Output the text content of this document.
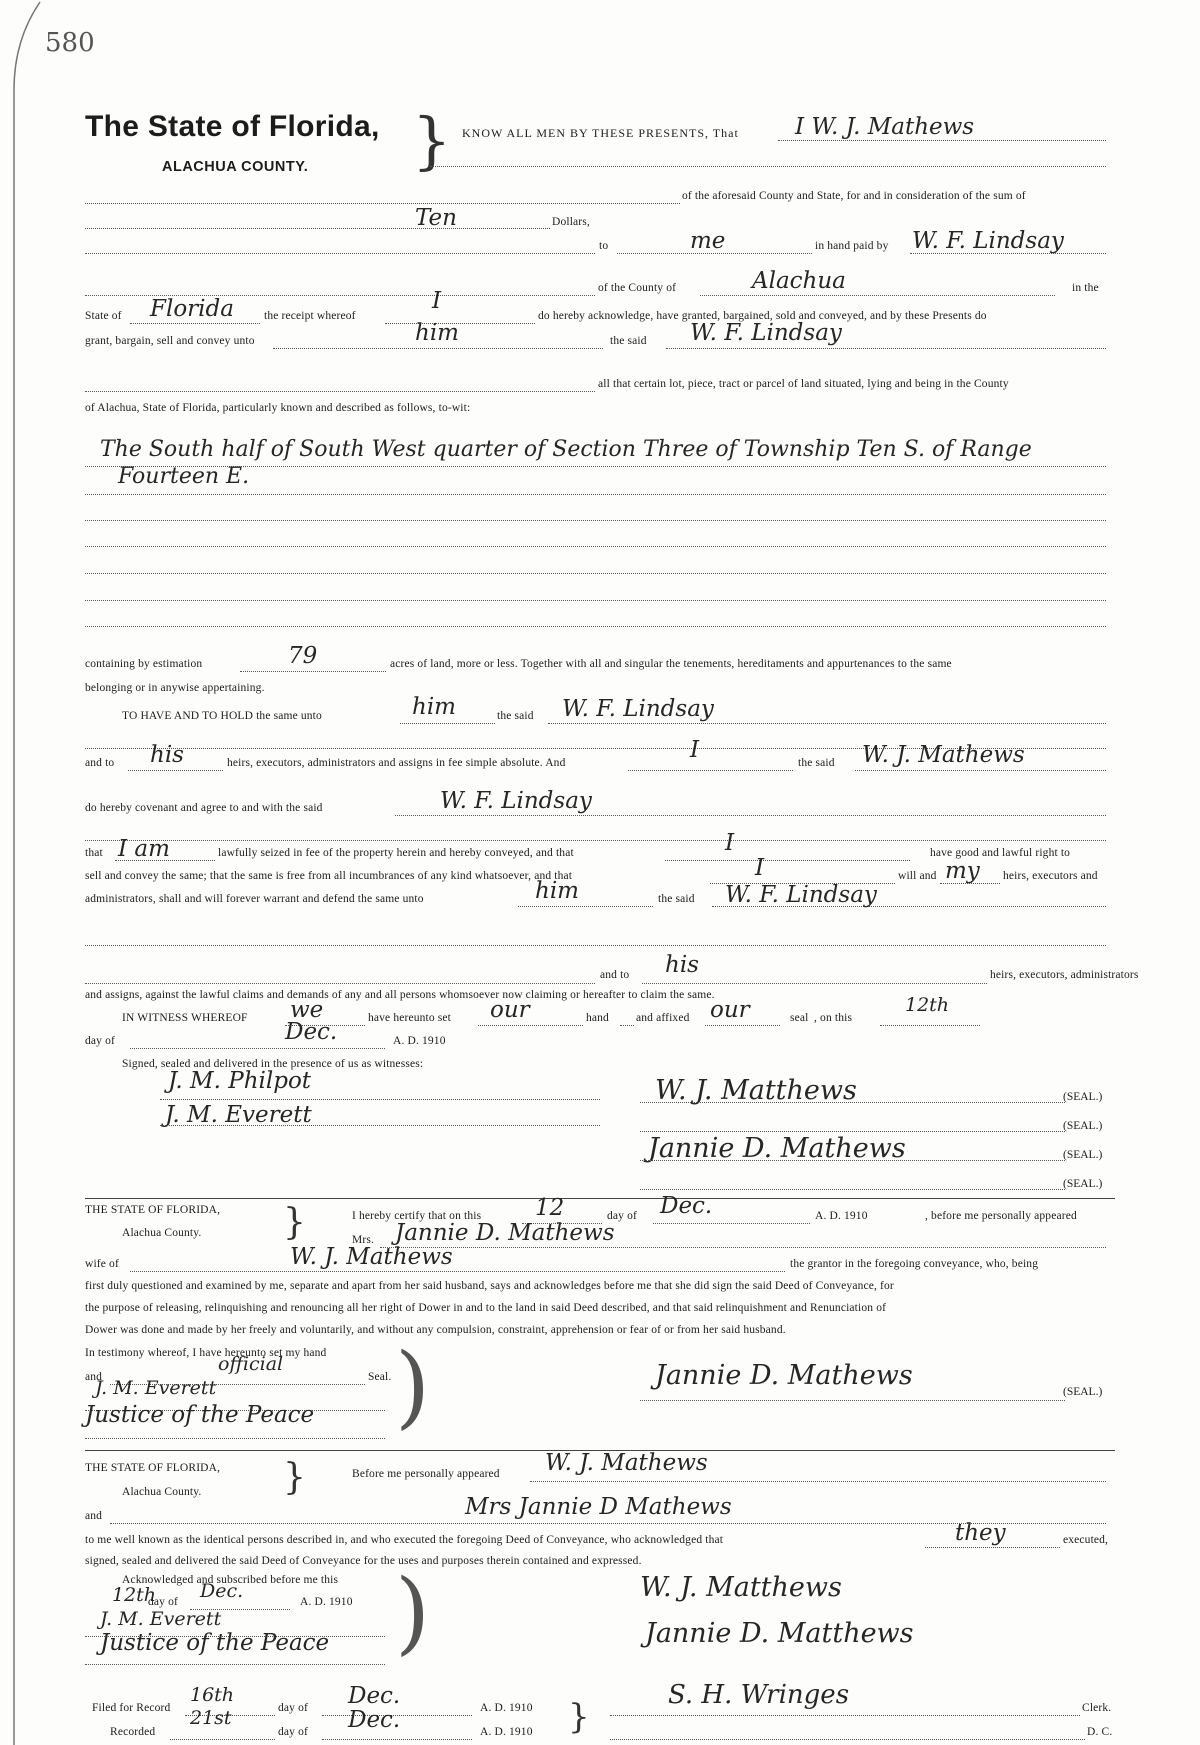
580
The State of Florida, }
ALACHUA COUNTY.
KNOW ALL MEN BY THESE PRESENTS, That I W. J. Mathews
of the aforesaid County and State, for and in consideration of the sum of
Ten	Dollars,
to	me	in hand paid by W. F. Lindsay
of the County of	Alachua	in the
State of Florida	the receipt whereof
I
do hereby acknowledge, have granted, bargained, sold and conveyed, and by these Presents do
grant, bargain, sell and convey unto	him	the said W. F. Lindsay
all that certain lot, piece, tract or parcel of land situated, lying and being in the County
of Alachua, State of Florida, particularly known and described as follows, to-wit:
The South half of South West quarter of Section Three of Township Ten S. of Range
Fourteen E.
containing by estimation	79	acres of land, more or less. Together with all and singular the tenements, hereditaments and appurtenances to the same
belonging or in anywise appertaining.
TO HAVE AND TO HOLD the same unto	him	the said W. F. Lindsay
and to his	heirs, executors, administrators and assigns in fee simple absolute. And	I	the said W. J. Mathews
do hereby covenant and agree to and with the said	W. F. Lindsay
that I am	lawfully seized in fee of the property herein and hereby conveyed, and that	I	have good and lawful right to
sell and convey the same; that the same is free from all incumbrances of any kind whatsoever, and that	I	will and my heirs, executors and
administrators, shall and will forever warrant and defend the same unto	him	the said W. F. Lindsay
and to his	heirs, executors, administrators
and assigns, against the lawful claims and demands of any and all persons whomsoever now claiming or hereafter to claim the same.
IN WITNESS WHEREOF we	have hereunto set our	hand and affixed our	seal , on this
12th
day of	Dec.	A. D. 1910
Signed, sealed and delivered in the presence of us as witnesses:
J. M. Philpot
J. M. Everett
W. J. Matthews	(SEAL.)
(SEAL.)
Jannie D. Mathews	(SEAL.)
(SEAL.)
THE STATE OF FLORIDA,
Alachua County. }	I hereby certify that on this 12	day of Dec.	A. D. 1910	, before me personally appeared
Mrs. Jannie D. Mathews
wife of	W. J. Mathews	the grantor in the foregoing conveyance, who, being
first duly questioned and examined by me, separate and apart from her said husband, says and acknowledges before me that she did sign the said Deed of Conveyance, for
the purpose of releasing, relinquishing and renouncing all her right of Dower in and to the land in said Deed described, and that said relinquishment and Renunciation of
Dower was done and made by her freely and voluntarily, and without any compulsion, constraint, apprehension or fear of or from her said husband.
In testimony whereof, I have hereunto set my hand
and
official
Seal. )
J. M. Everett
Justice of the Peace
Jannie D. Mathews
(SEAL.)
THE STATE OF FLORIDA,
Alachua County. }	Before me personally appeared W. J. Mathews
and	Mrs Jannie D Mathews
to me well known as the identical persons described in, and who executed the foregoing Deed of Conveyance, who acknowledged that	they	executed,
signed, sealed and delivered the said Deed of Conveyance for the uses and purposes therein contained and expressed.
Acknowledged and subscribed before me this
12th
day of Dec.	A. D. 1910 )
J. M. Everett
Justice of the Peace
W. J. Matthews
Jannie D. Matthews
Filed for Record
16th
day of Dec.	A. D. 1910
Recorded
21st
day of Dec.	A. D. 1910 }
S. H. Wringes	Clerk.
D. C.
